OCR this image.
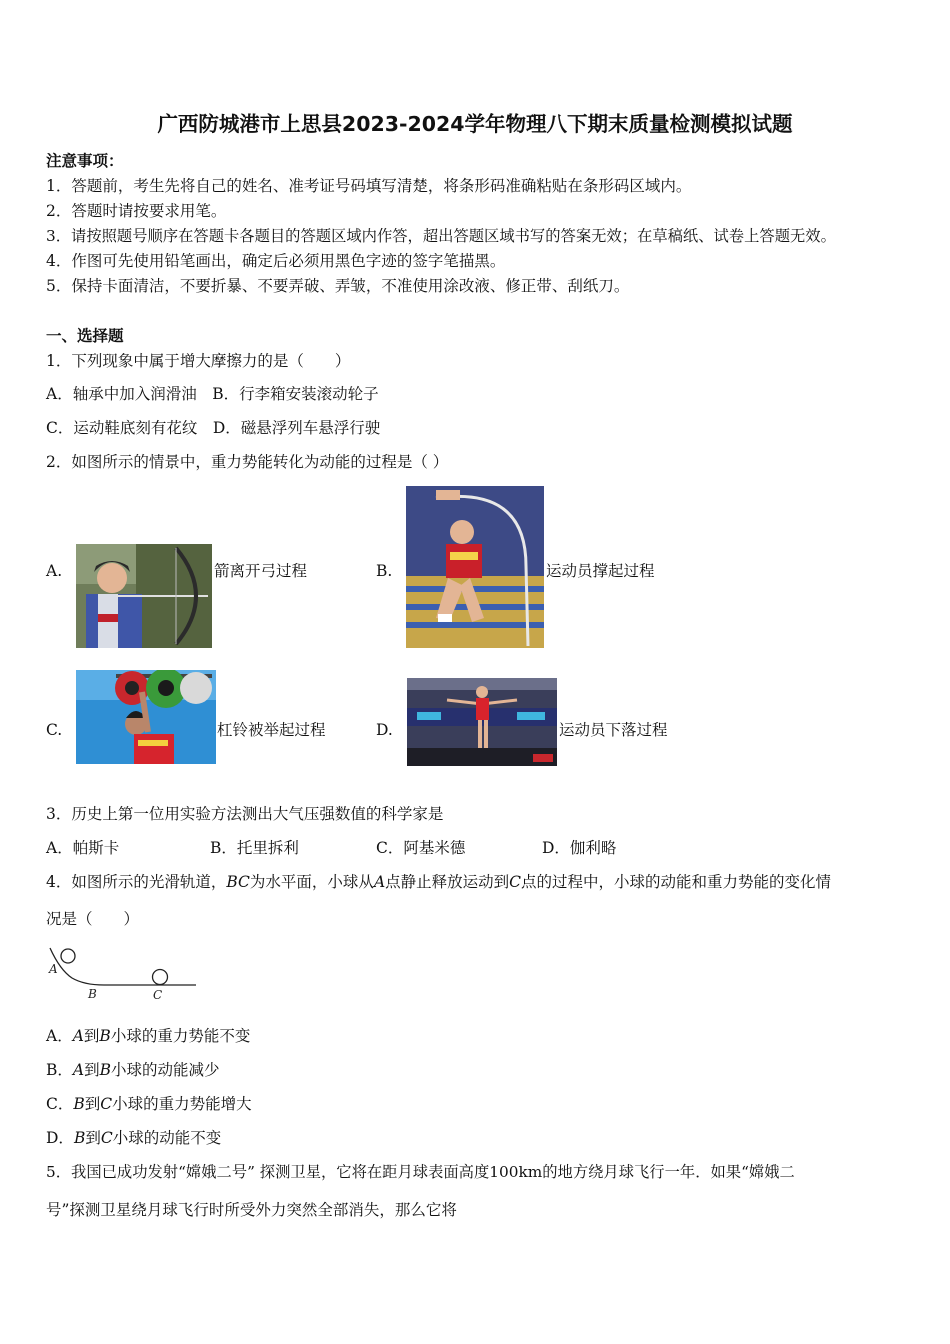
广西防城港市上思县2023-2024学年物理八下期末质量检测模拟试题
注意事项：
1．答题前，考生先将自己的姓名、准考证号码填写清楚，将条形码准确粘贴在条形码区域内。
2．答题时请按要求用笔。
3．请按照题号顺序在答题卡各题目的答题区域内作答，超出答题区域书写的答案无效；在草稿纸、试卷上答题无效。
4．作图可先使用铅笔画出，确定后必须用黑色字迹的签字笔描黑。
5．保持卡面清洁，不要折暴、不要弄破、弄皱，不准使用涂改液、修正带、刮纸刀。
一、选择题
1．下列现象中属于增大摩擦力的是（　　）
A．轴承中加入润滑油　B．行李箱安装滚动轮子
C．运动鞋底刻有花纹　D．磁悬浮列车悬浮行驶
2．如图所示的情景中，重力势能转化为动能的过程是（ ）
A.	箭离开弓过程	B.	运动员撑起过程
C.	杠铃被举起过程	D.	运动员下落过程
3．历史上第一位用实验方法测出大气压强数值的科学家是
A．帕斯卡	B．托里拆利	C．阿基米德	D．伽利略
4．如图所示的光滑轨道，BC为水平面，小球从A点静止释放运动到C点的过程中，小球的动能和重力势能的变化情
况是（　　）
A
B	C
A．A到B小球的重力势能不变
B．A到B小球的动能减少
C．B到C小球的重力势能增大
D．B到C小球的动能不变
5．我国已成功发射“嫦娥二号” 探测卫星，它将在距月球表面高度100km的地方绕月球飞行一年．如果“嫦娥二
号”探测卫星绕月球飞行时所受外力突然全部消失，那么它将
